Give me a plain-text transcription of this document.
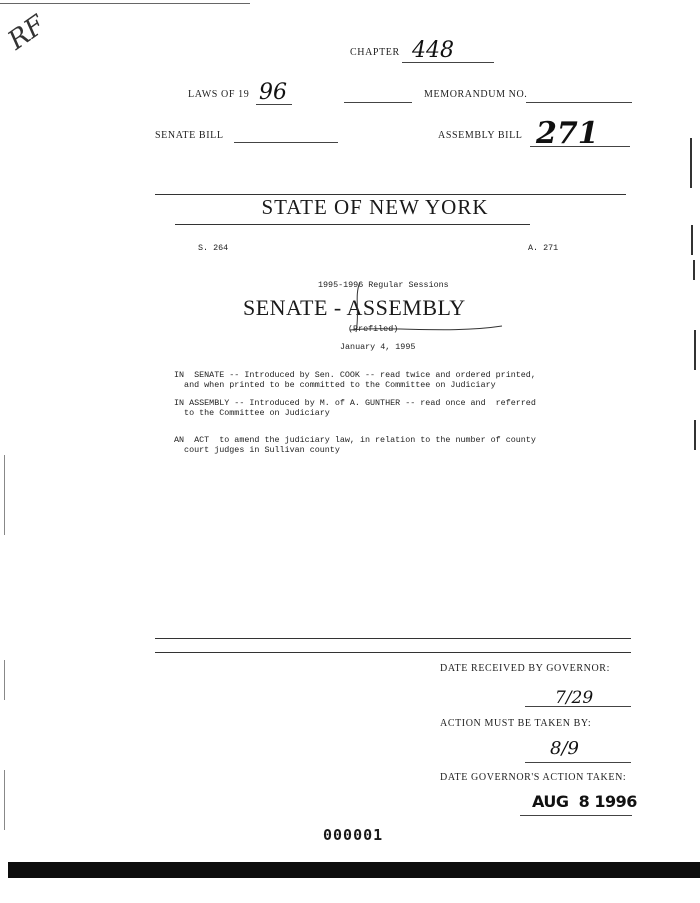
RF	CHAPTER 448
LAWS OF 19 96	MEMORANDUM NO.
SENATE BILL	ASSEMBLY BILL 271
STATE OF NEW YORK
S. 264	A. 271
1995-1996 Regular Sessions
SENATE - ASSEMBLY
(Prefiled)
January 4, 1995
IN  SENATE -- Introduced by Sen. COOK -- read twice and ordered printed,
and when printed to be committed to the Committee on Judiciary
IN ASSEMBLY -- Introduced by M. of A. GUNTHER -- read once and  referred
to the Committee on Judiciary
AN  ACT  to amend the judiciary law, in relation to the number of county
court judges in Sullivan county
DATE RECEIVED BY GOVERNOR:
7/29
ACTION MUST BE TAKEN BY:
8/9
DATE GOVERNOR'S ACTION TAKEN:
AUG  8 1996
000001
